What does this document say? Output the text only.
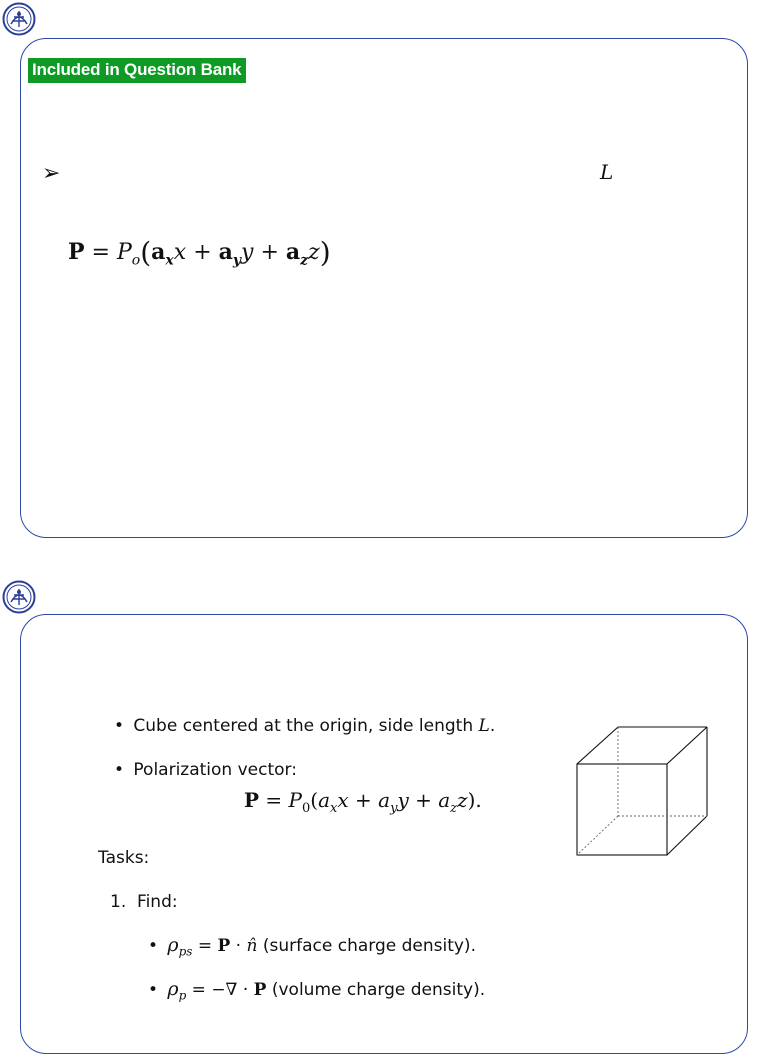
Included in Question Bank
➢	L
$P = P_o(a_xx + a_yy + a_zz)$
• Cube centered at the origin, side length L.
• Polarization vector:
$P = P_0(a_xx + a_yy + a_zz)$.
Tasks:
1. Find:
• $\rho_{ps} = P$ · n̂ (surface charge density).
• $\rho_p$ = −∇ · P (volume charge density).
